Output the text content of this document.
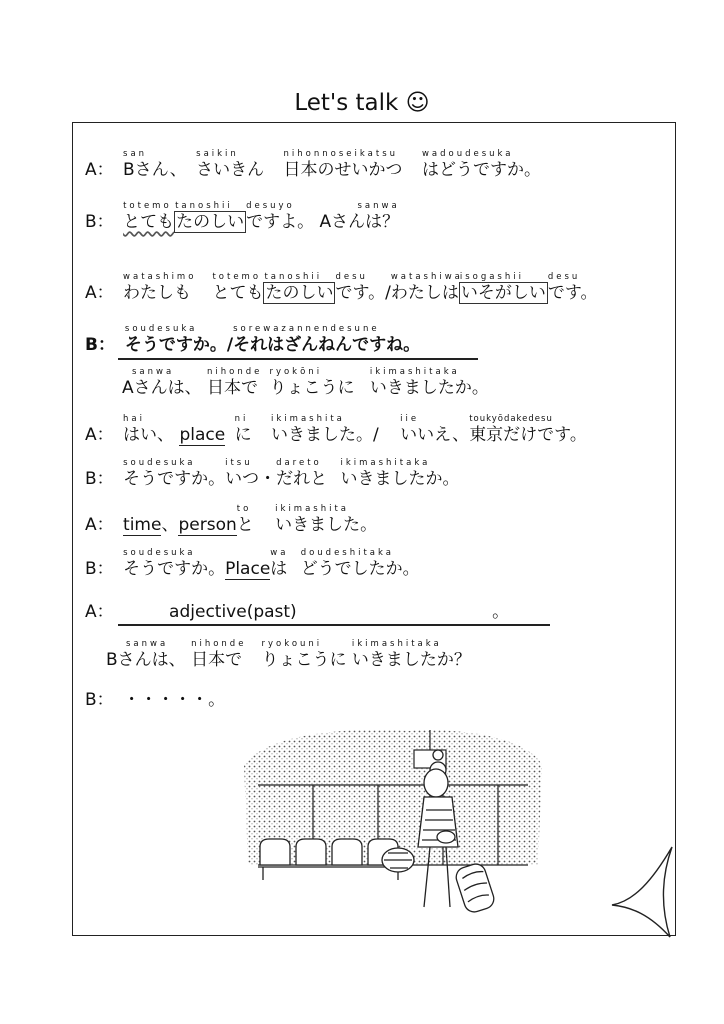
Let's talk ☺
A：
san
Bさん、
saikin
さいきん
nihonnoseikatsu
日本のせいかつ
wadoudesuka
はどうですか。
B：
totemo
とても
tanoshii
たのしい
desuyo
ですよ。
sanwa
Aさんは？
A：
watashimo
わたしも
totemo
とても
tanoshii
たのしい
desu
です。/
watashiwa
わたしは
isogashii
いそがしい
desu
です。
B：
soudesuka
そうですか。/
sorewazannendesune
それはざんねんですね。
sanwa
Aさんは、
nihonde
日本で
ryokōni
りょこうに
ikimashitaka
いきましたか。
A：
hai
はい、 place
ni
に
ikimashita
いきました。/
iie
いいえ、
toukyōdakedesu
東京だけです。
B：
soudesuka
そうですか。
itsu
いつ・
dareto
だれと
ikimashitaka
いきましたか。
A： time、person
to
と
ikimashita
いきました。
B：
soudesuka
そうですか。Place
wa
は
doudeshitaka
どうでしたか。
A：	adjective(past)	。
sanwa
Bさんは、
nihonde
日本で
ryokouni
りょこうに
ikimashitaka
いきましたか？
B： ・・・・・。
